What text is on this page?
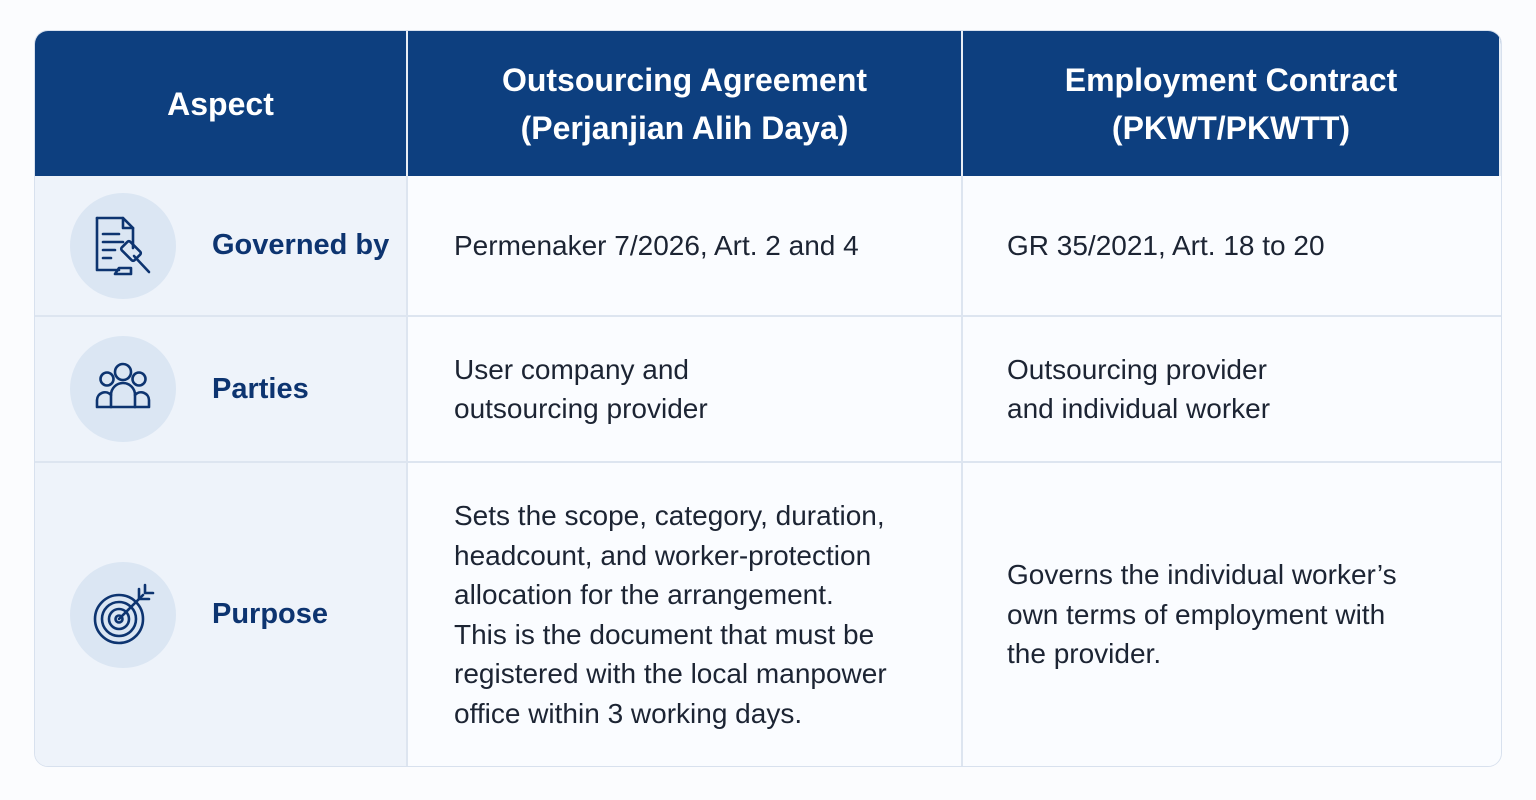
Aspect
Outsourcing Agreement
(Perjanjian Alih Daya)
Employment Contract
(PKWT/PKWTT)
Governed by	Permenaker 7/2026, Art. 2 and 4	GR 35/2021, Art. 18 to 20
Parties
User company and
outsourcing provider
Outsourcing provider
and individual worker
Purpose
Sets the scope, category, duration,
headcount, and worker-protection
allocation for the arrangement.
This is the document that must be
registered with the local manpower
office within 3 working days.
Governs the individual worker’s
own terms of employment with
the provider.
